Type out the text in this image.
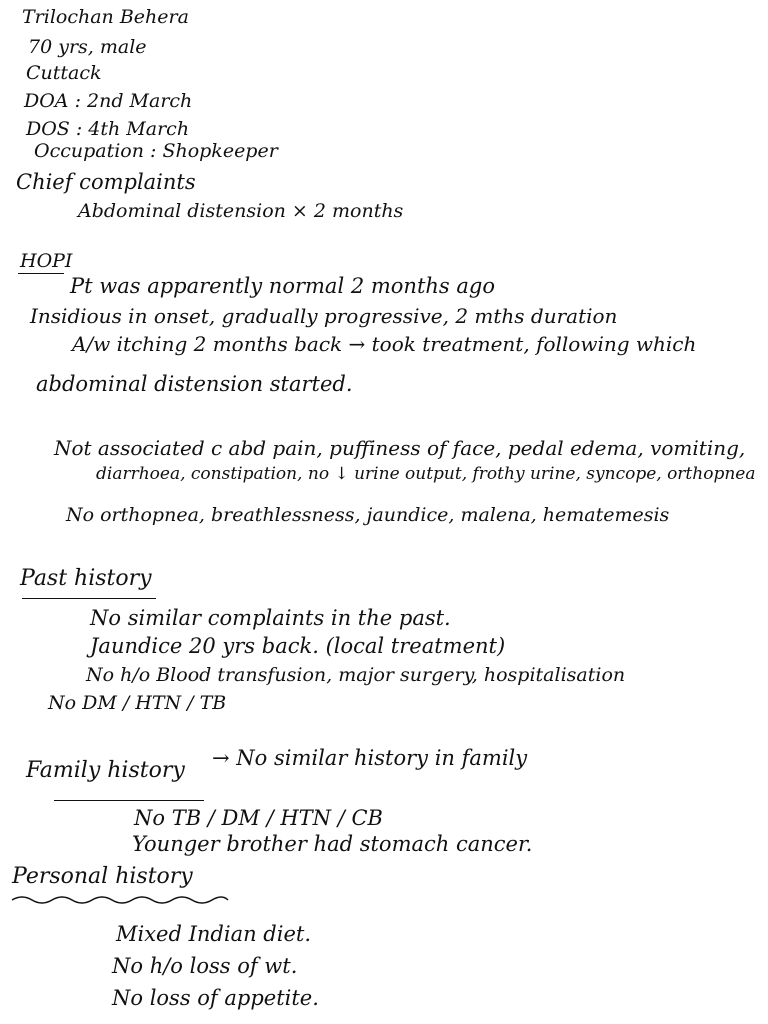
Trilochan Behera
70 yrs, male
Cuttack
DOA : 2nd March
DOS : 4th March
Occupation : Shopkeeper
Chief complaints
Abdominal distension × 2 months
HOPI
Pt was apparently normal 2 months ago
Insidious in onset, gradually progressive, 2 mths duration
A/w itching 2 months back → took treatment, following which
abdominal distension started.
Not associated c abd pain, puffiness of face, pedal edema, vomiting,
diarrhoea, constipation, no ↓ urine output, frothy urine, syncope, orthopnea
No orthopnea, breathlessness, jaundice, malena, hematemesis
Past history
No similar complaints in the past.
Jaundice 20 yrs back. (local treatment)
No h/o Blood transfusion, major surgery, hospitalisation
No DM / HTN / TB
Family history → No similar history in family
No TB / DM / HTN / CB
Younger brother had stomach cancer.
Personal history
Mixed Indian diet.
No h/o loss of wt.
No loss of appetite.
